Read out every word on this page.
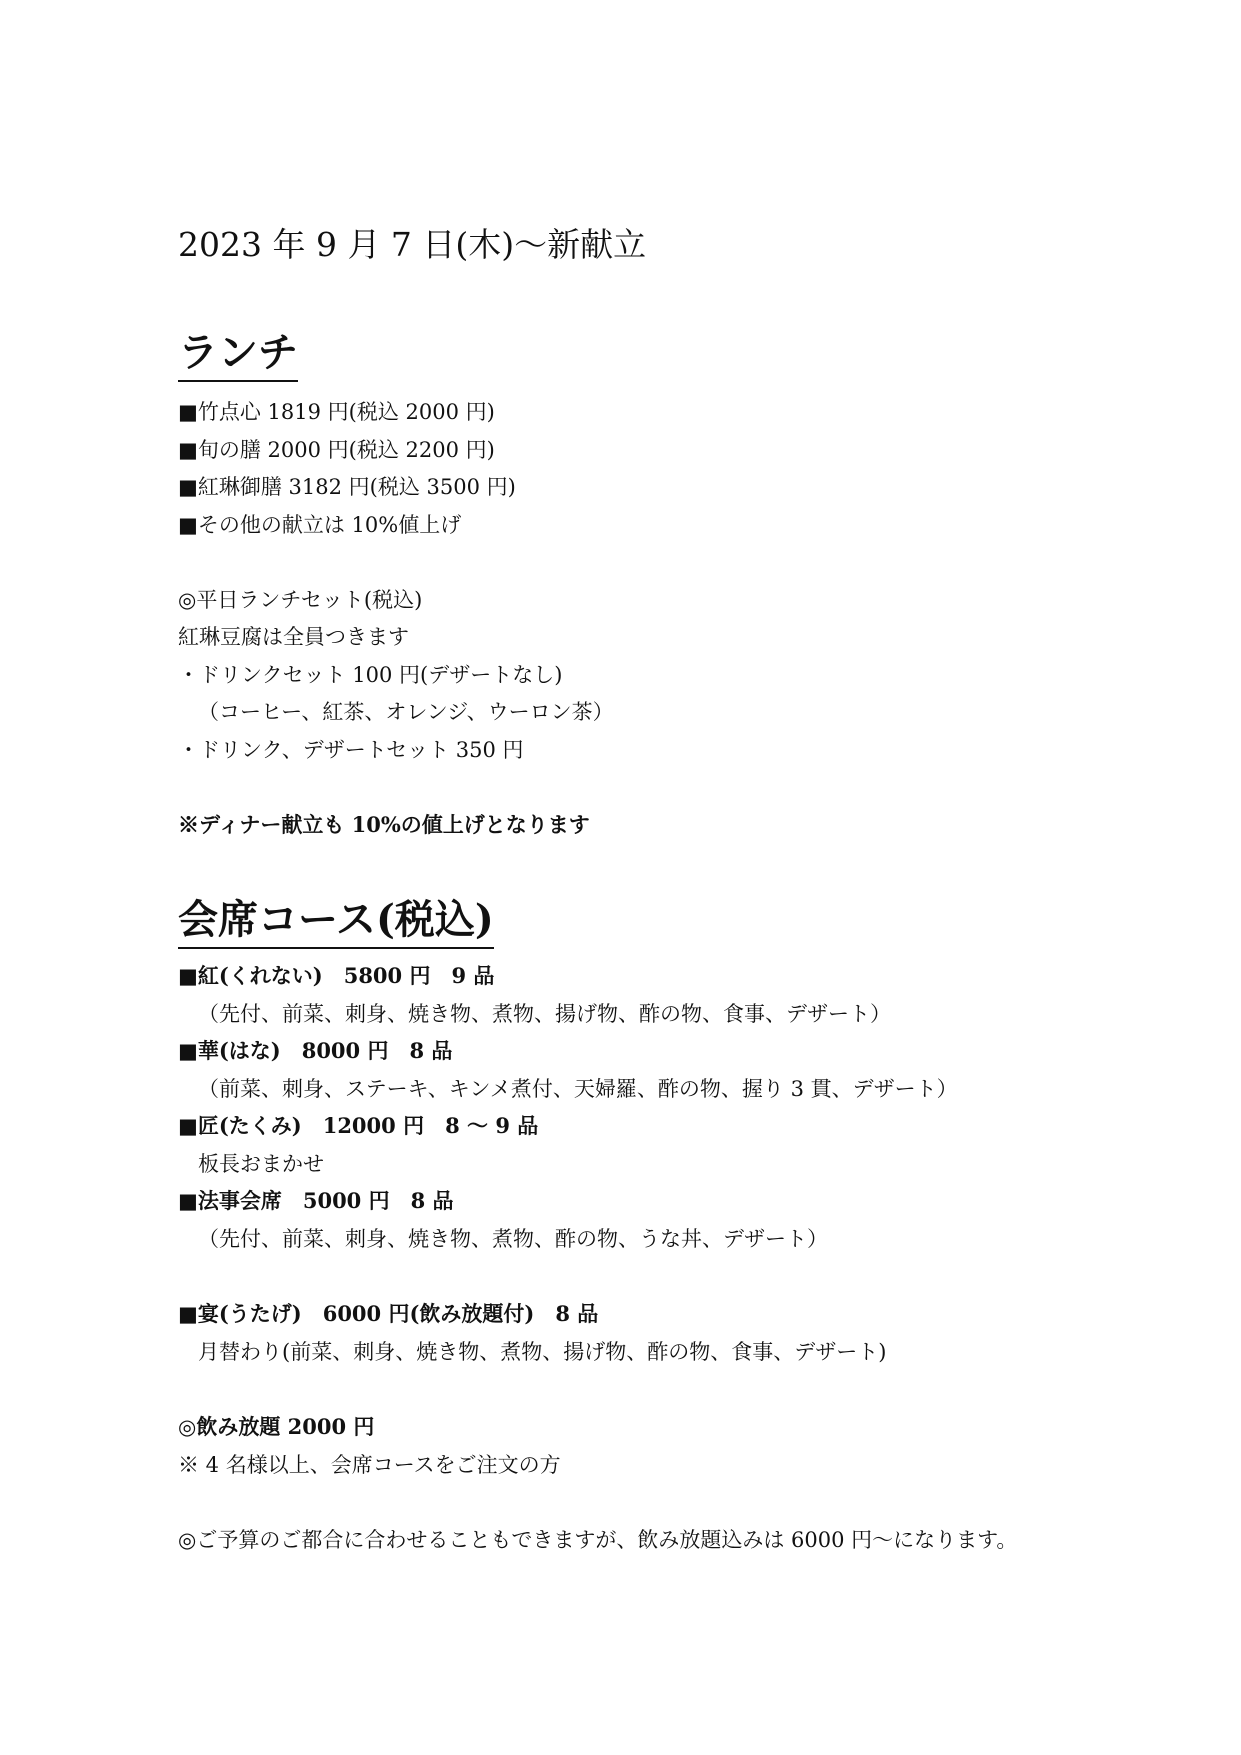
2023 年 9 月 7 日(木)～新献立
ランチ
■竹点心 1819 円(税込 2000 円)
■旬の膳 2000 円(税込 2200 円)
■紅琳御膳 3182 円(税込 3500 円)
■その他の献立は 10%値上げ
◎平日ランチセット(税込)
紅琳豆腐は全員つきます
・ドリンクセット 100 円(デザートなし)
（コーヒー、紅茶、オレンジ、ウーロン茶）
・ドリンク、デザートセット 350 円
※ディナー献立も 10%の値上げとなります
会席コース(税込)
■紅(くれない)　5800 円　9 品
（先付、前菜、刺身、焼き物、煮物、揚げ物、酢の物、食事、デザート）
■華(はな)　8000 円　8 品
（前菜、刺身、ステーキ、キンメ煮付、天婦羅、酢の物、握り 3 貫、デザート）
■匠(たくみ)　12000 円　8 ～ 9 品
板長おまかせ
■法事会席　5000 円　8 品
（先付、前菜、刺身、焼き物、煮物、酢の物、うな丼、デザート）
■宴(うたげ)　6000 円(飲み放題付)　8 品
月替わり(前菜、刺身、焼き物、煮物、揚げ物、酢の物、食事、デザート)
◎飲み放題 2000 円
※ 4 名様以上、会席コースをご注文の方
◎ご予算のご都合に合わせることもできますが、飲み放題込みは 6000 円～になります。
